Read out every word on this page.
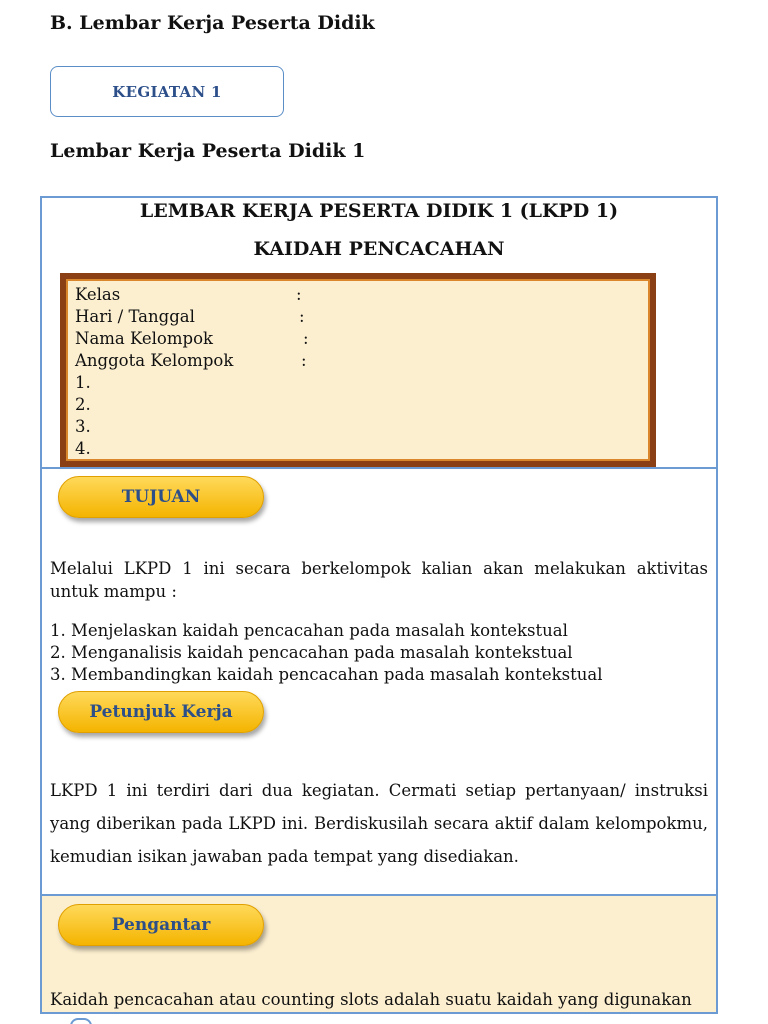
B. Lembar Kerja Peserta Didik
KEGIATAN 1
Lembar Kerja Peserta Didik 1
LEMBAR KERJA PESERTA DIDIK 1 (LKPD 1)
KAIDAH PENCACAHAN
Kelas	:
Hari / Tanggal	:
Nama Kelompok	:
Anggota Kelompok	:
1.
2.
3.
4.
TUJUAN
Melalui LKPD 1 ini secara berkelompok kalian akan melakukan aktivitas untuk mampu :
1. Menjelaskan kaidah pencacahan pada masalah kontekstual
2. Menganalisis kaidah pencacahan pada masalah kontekstual
3. Membandingkan kaidah pencacahan pada masalah kontekstual
Petunjuk Kerja
LKPD 1 ini terdiri dari dua kegiatan. Cermati setiap pertanyaan/ instruksi yang diberikan pada LKPD ini. Berdiskusilah secara aktif dalam kelompokmu, kemudian isikan jawaban pada tempat yang disediakan.
Pengantar
Kaidah pencacahan atau counting slots adalah suatu kaidah yang digunakan
